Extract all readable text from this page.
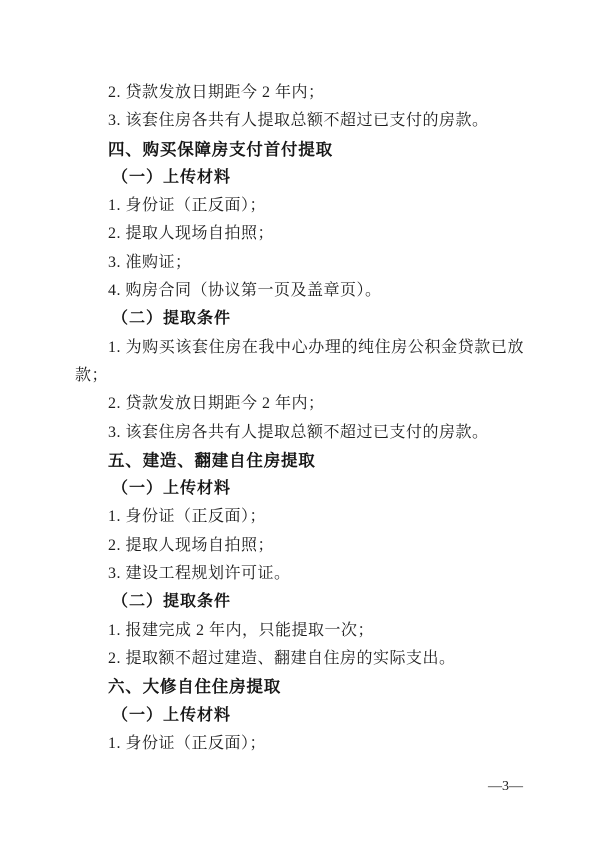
2. 贷款发放日期距今 2 年内；
3. 该套住房各共有人提取总额不超过已支付的房款。
四、购买保障房支付首付提取
（一）上传材料
1. 身份证（正反面）；
2. 提取人现场自拍照；
3. 准购证；
4. 购房合同（协议第一页及盖章页）。
（二）提取条件
1. 为购买该套住房在我中心办理的纯住房公积金贷款已放
款；
2. 贷款发放日期距今 2 年内；
3. 该套住房各共有人提取总额不超过已支付的房款。
五、建造、翻建自住房提取
（一）上传材料
1. 身份证（正反面）；
2. 提取人现场自拍照；
3. 建设工程规划许可证。
（二）提取条件
1. 报建完成 2 年内，只能提取一次；
2. 提取额不超过建造、翻建自住房的实际支出。
六、大修自住住房提取
（一）上传材料
1. 身份证（正反面）；
—3—
